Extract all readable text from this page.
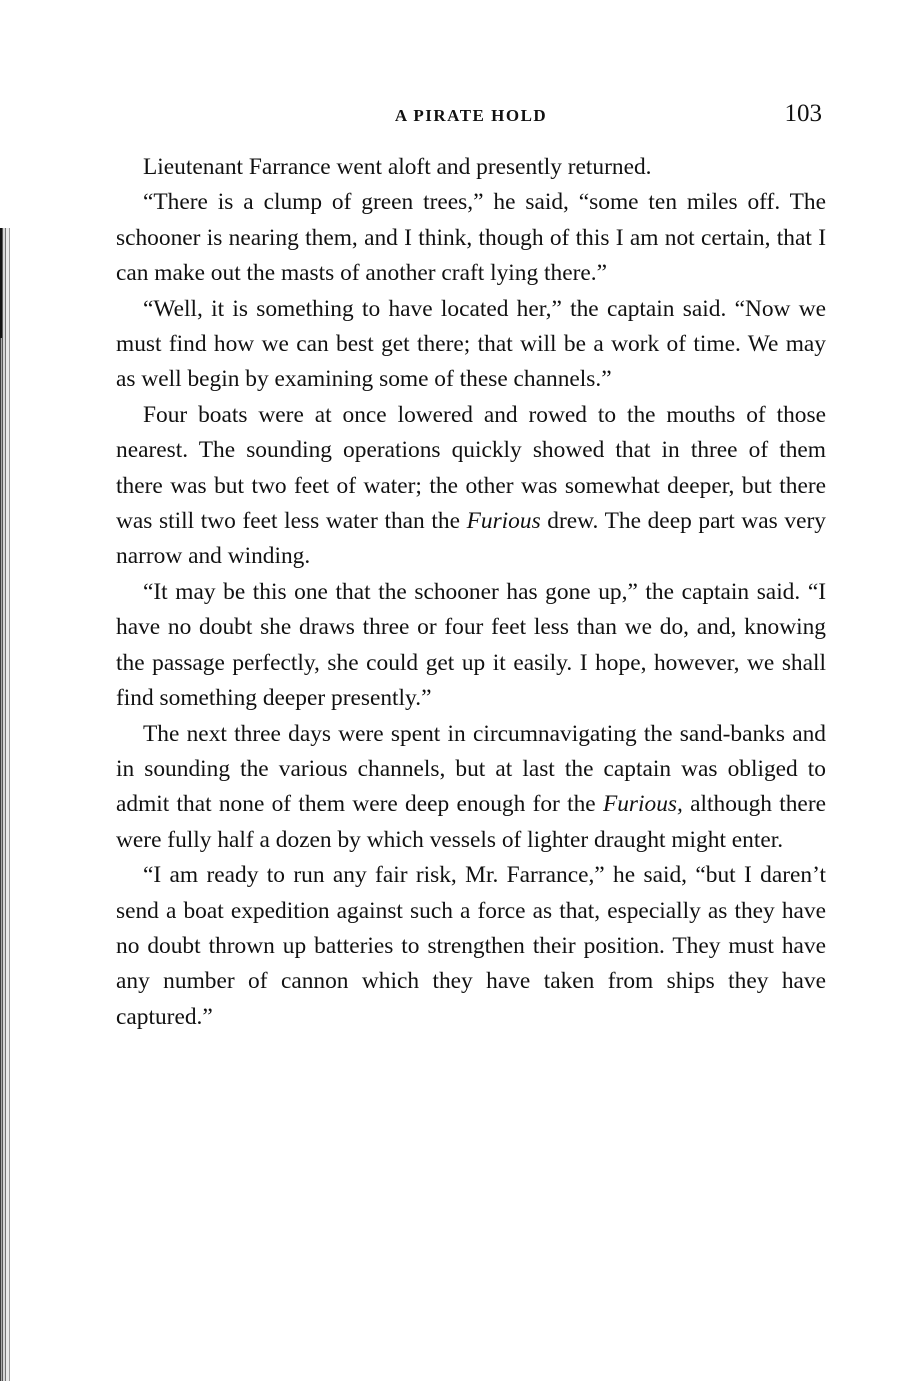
A PIRATE HOLD	103

Lieutenant Farrance went aloft and presently returned.

“There is a clump of green trees,” he said, “some ten miles off. The schooner is nearing them, and I think, though of this I am not certain, that I can make out the masts of another craft lying there.”

“Well, it is something to have located her,” the captain said. “Now we must find how we can best get there; that will be a work of time. We may as well begin by examining some of these channels.”

Four boats were at once lowered and rowed to the mouths of those nearest. The sounding operations quickly showed that in three of them there was but two feet of water; the other was somewhat deeper, but there was still two feet less water than the Furious drew. The deep part was very narrow and winding.

“It may be this one that the schooner has gone up,” the captain said. “I have no doubt she draws three or four feet less than we do, and, knowing the passage perfectly, she could get up it easily. I hope, however, we shall find something deeper presently.”

The next three days were spent in circumnavigating the sand-banks and in sounding the various channels, but at last the captain was obliged to admit that none of them were deep enough for the Furious, although there were fully half a dozen by which vessels of lighter draught might enter.

“I am ready to run any fair risk, Mr. Farrance,” he said, “but I daren’t send a boat expedition against such a force as that, especially as they have no doubt thrown up batteries to strengthen their position. They must have any number of cannon which they have taken from ships they have captured.”
